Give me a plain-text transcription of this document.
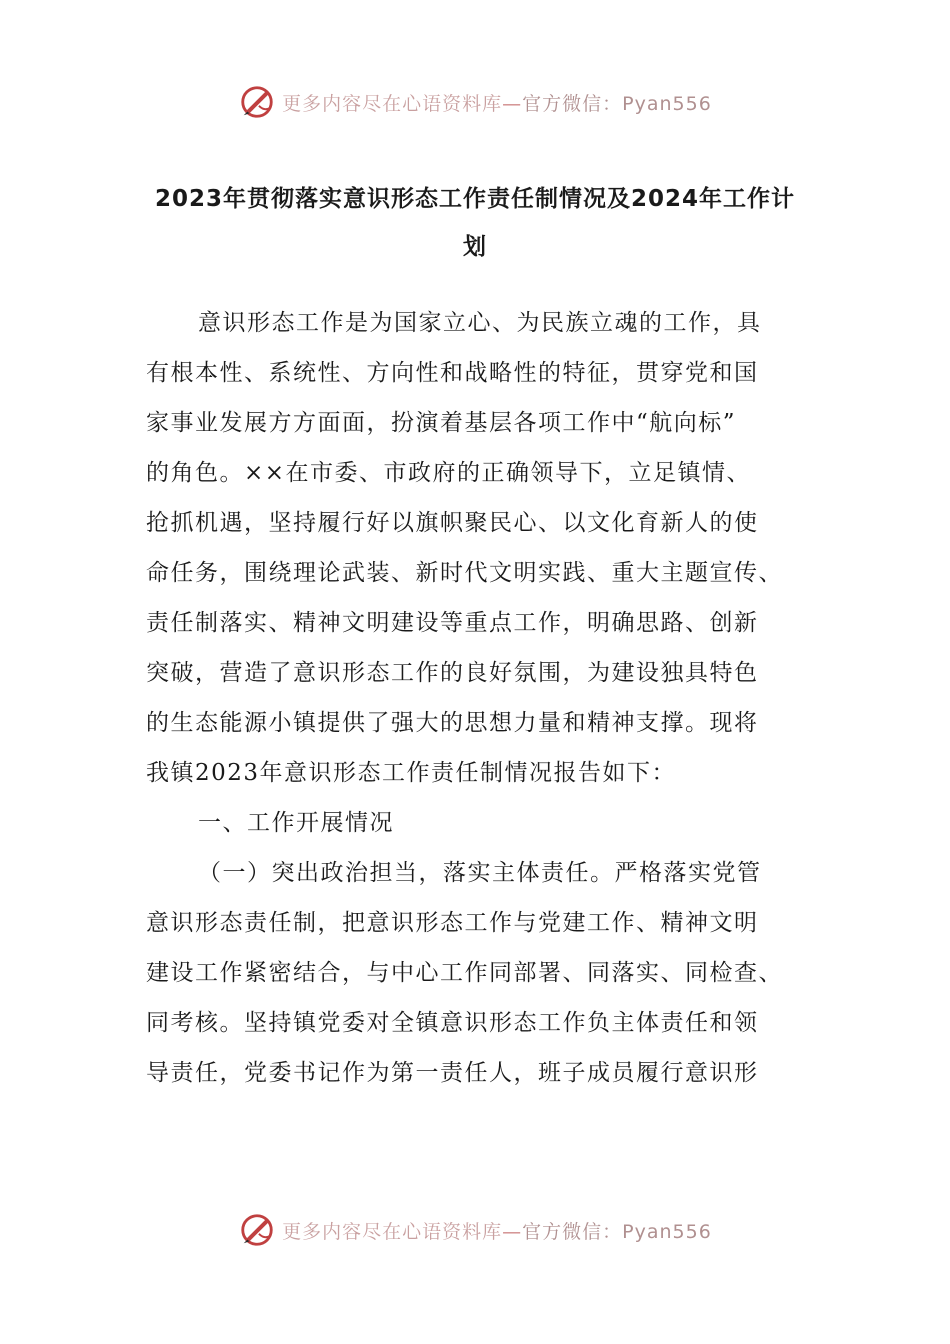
更多内容尽在心语资料库—官方微信：Pyan556
2023年贯彻落实意识形态工作责任制情况及2024年工作计
划
意识形态工作是为国家立心、为民族立魂的工作，具
有根本性、系统性、方向性和战略性的特征，贯穿党和国
家事业发展方方面面，扮演着基层各项工作中“航向标”
的角色。××在市委、市政府的正确领导下，立足镇情、
抢抓机遇，坚持履行好以旗帜聚民心、以文化育新人的使
命任务，围绕理论武装、新时代文明实践、重大主题宣传、
责任制落实、精神文明建设等重点工作，明确思路、创新
突破，营造了意识形态工作的良好氛围，为建设独具特色
的生态能源小镇提供了强大的思想力量和精神支撑。现将
我镇2023年意识形态工作责任制情况报告如下：
一、工作开展情况
（一）突出政治担当，落实主体责任。严格落实党管
意识形态责任制，把意识形态工作与党建工作、精神文明
建设工作紧密结合，与中心工作同部署、同落实、同检查、
同考核。坚持镇党委对全镇意识形态工作负主体责任和领
导责任，党委书记作为第一责任人，班子成员履行意识形
更多内容尽在心语资料库—官方微信：Pyan556
